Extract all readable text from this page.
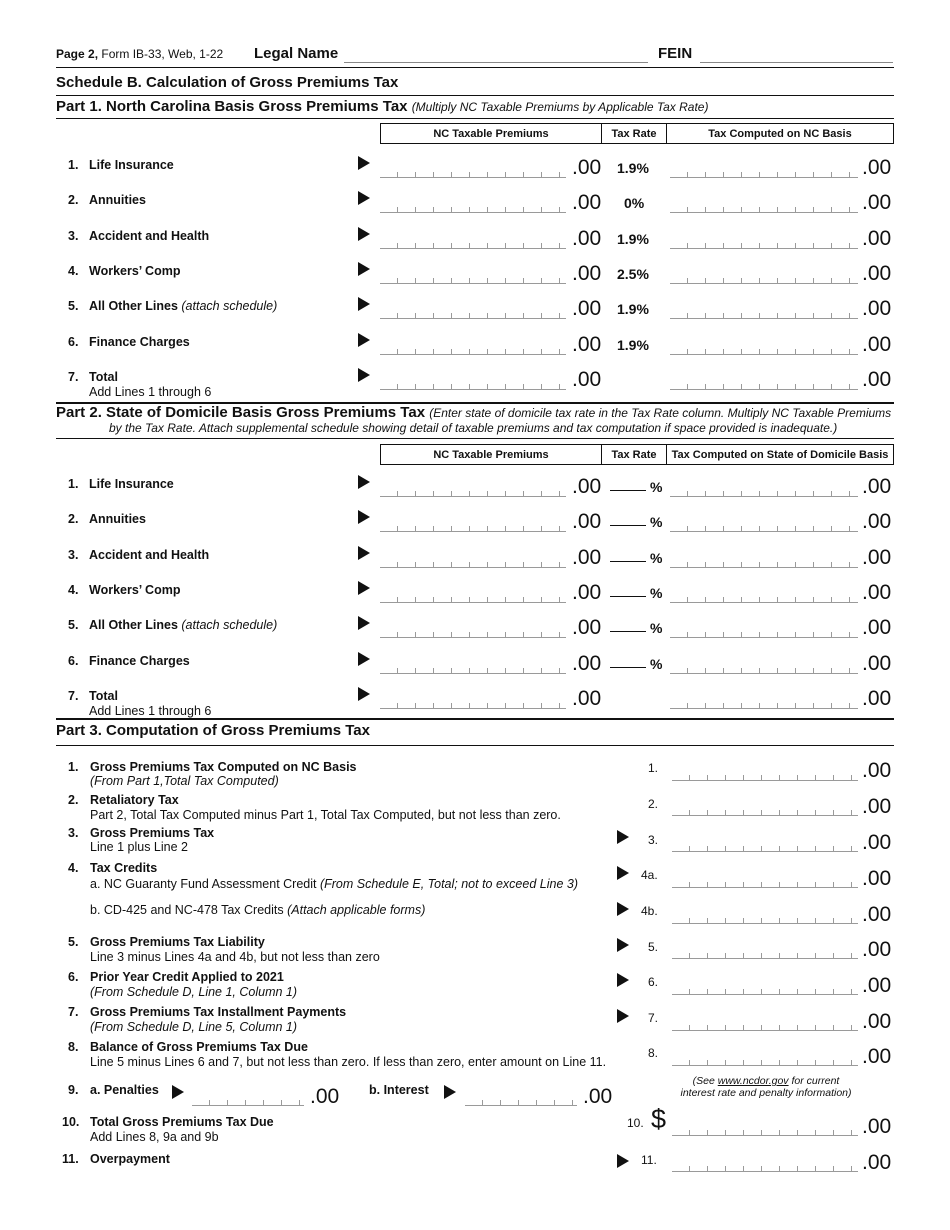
Page 2, Form IB-33, Web, 1-22 Legal Name	FEIN
Schedule B. Calculation of Gross Premiums Tax
Part 1. North Carolina Basis Gross Premiums Tax (Multiply NC Taxable Premiums by Applicable Tax Rate)
NC Taxable Premiums	Tax Rate	Tax Computed on NC Basis
1. Life Insurance	.00 1.9%	.00
2. Annuities	.00 0%	.00
3. Accident and Health	.00 1.9%	.00
4. Workers’ Comp	.00 2.5%	.00
5. All Other Lines (attach schedule)	.00 1.9%	.00
6. Finance Charges	.00 1.9%	.00
7. Total
Add Lines 1 through 6
.00	.00
Part 2. State of Domicile Basis Gross Premiums Tax (Enter state of domicile tax rate in the Tax Rate column. Multiply NC Taxable Premiums
by the Tax Rate. Attach supplemental schedule showing detail of taxable premiums and tax computation if space provided is inadequate.)
NC Taxable Premiums	Tax Rate	Tax Computed on State of Domicile Basis
1. Life Insurance	.00	%	.00
2. Annuities	.00	%	.00
3. Accident and Health	.00	%	.00
4. Workers’ Comp	.00	%	.00
5. All Other Lines (attach schedule)	.00	%	.00
6. Finance Charges	.00	%	.00
7. Total
Add Lines 1 through 6
.00	.00
Part 3. Computation of Gross Premiums Tax
1. Gross Premiums Tax Computed on NC Basis
(From Part 1,Total Tax Computed)
1.	.00
2. Retaliatory Tax
Part 2, Total Tax Computed minus Part 1, Total Tax Computed, but not less than zero.
2.	.00
3. Gross Premiums Tax
Line 1 plus Line 2	3.	.00
4. Tax Credits
a. NC Guaranty Fund Assessment Credit (From Schedule E, Total; not to exceed Line 3)
4a.	.00
b. CD-425 and NC-478 Tax Credits (Attach applicable forms)	4b.	.00
5. Gross Premiums Tax Liability
Line 3 minus Lines 4a and 4b, but not less than zero
5.	.00
6. Prior Year Credit Applied to 2021
(From Schedule D, Line 1, Column 1)
6.	.00
7. Gross Premiums Tax Installment Payments
(From Schedule D, Line 5, Column 1)
7.	.00
8. Balance of Gross Premiums Tax Due
Line 5 minus Lines 6 and 7, but not less than zero. If less than zero, enter amount on Line 11.
8.	.00
9. a. Penalties	.00 b. Interest	.00
(See www.ncdor.gov for current
interest rate and penalty information)
10. Total Gross Premiums Tax Due
Add Lines 8, 9a and 9b
10. $	.00
11. Overpayment	11.	.00
